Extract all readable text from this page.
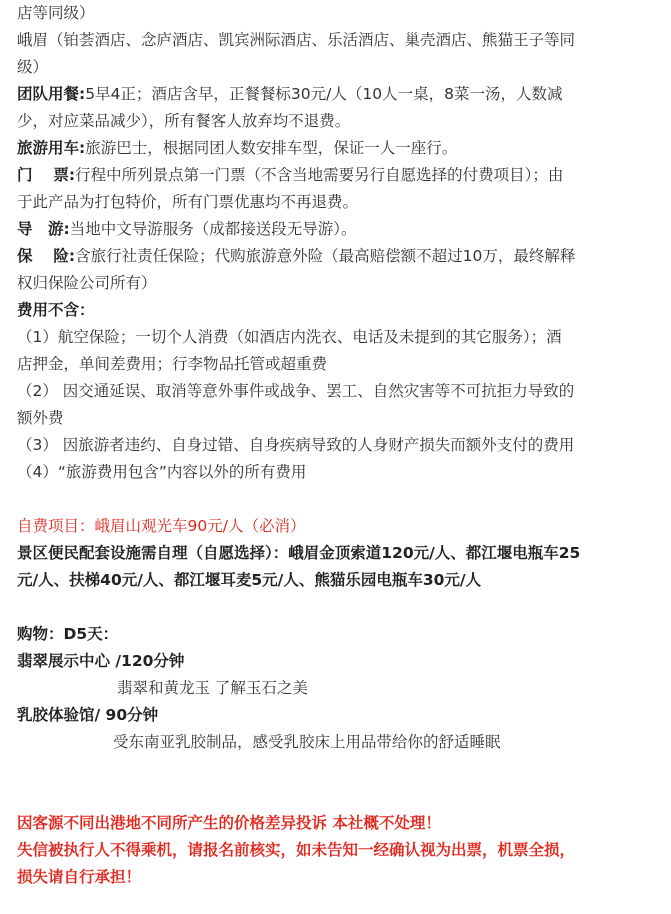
店等同级）
峨眉（铂荟酒店、念庐酒店、凯宾洲际酒店、乐活酒店、巢壳酒店、熊猫王子等同
级）
团队用餐:5早4正；酒店含早，正餐餐标30元/人（10人一桌，8菜一汤，人数减
少，对应菜品减少），所有餐客人放弃均不退费。
旅游用车:旅游巴士，根据同团人数安排车型，保证一人一座行。
门　 票:行程中所列景点第一门票（不含当地需要另行自愿选择的付费项目）；由
于此产品为打包特价，所有门票优惠均不再退费。
导　游:当地中文导游服务（成都接送段无导游）。
保　 险:含旅行社责任保险；代购旅游意外险（最高赔偿额不超过10万，最终解释
权归保险公司所有）
费用不含：
（1）航空保险；一切个人消费（如酒店内洗衣、电话及未提到的其它服务）；酒
店押金，单间差费用；行李物品托管或超重费
（2） 因交通延误、取消等意外事件或战争、罢工、自然灾害等不可抗拒力导致的
额外费
（3） 因旅游者违约、自身过错、自身疾病导致的人身财产损失而额外支付的费用
（4）“旅游费用包含”内容以外的所有费用
自费项目：峨眉山观光车90元/人（必消）
景区便民配套设施需自理（自愿选择）：峨眉金顶索道120元/人、都江堰电瓶车25
元/人、扶梯40元/人、都江堰耳麦5元/人、熊猫乐园电瓶车30元/人
购物：D5天：
翡翠展示中心 /120分钟
翡翠和黄龙玉 了解玉石之美
乳胶体验馆/ 90分钟
受东南亚乳胶制品，感受乳胶床上用品带给你的舒适睡眠
因客源不同出港地不同所产生的价格差异投诉 本社概不处理！
失信被执行人不得乘机，请报名前核实，如未告知一经确认视为出票，机票全损，
损失请自行承担！
